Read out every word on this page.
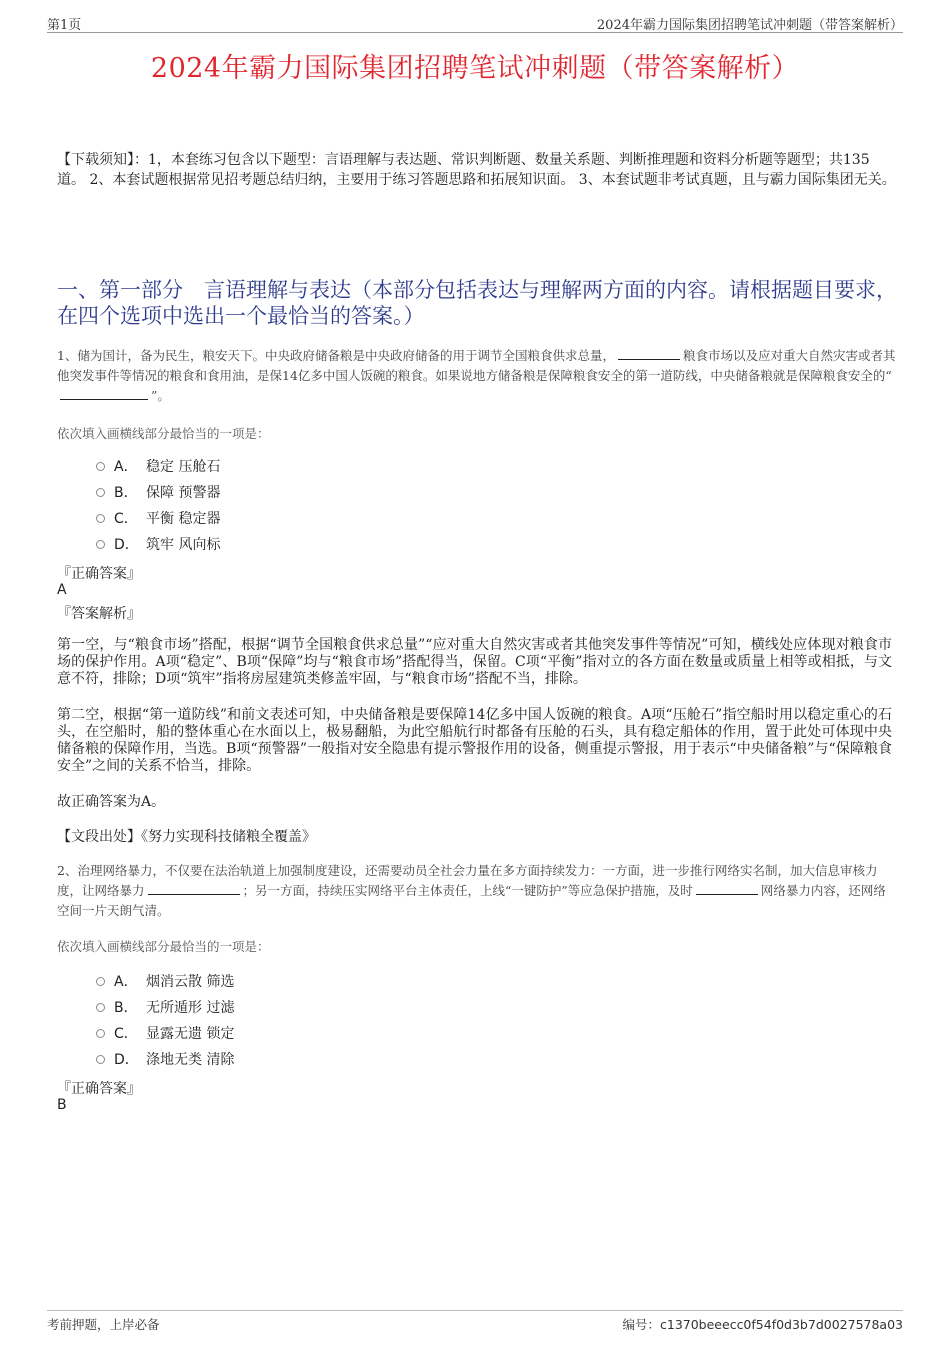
第1页	2024年霸力国际集团招聘笔试冲刺题（带答案解析）
2024年霸力国际集团招聘笔试冲刺题（带答案解析）
【下载须知】：1，本套练习包含以下题型：言语理解与表达题、常识判断题、数量关系题、判断推理题和资料分析题等题型；共135道。 2、本套试题根据常见招考题总结归纳，主要用于练习答题思路和拓展知识面。 3、本套试题非考试真题，且与霸力国际集团无关。
一、第一部分　言语理解与表达（本部分包括表达与理解两方面的内容。请根据题目要求，在四个选项中选出一个最恰当的答案。）
1、储为国计，备为民生，粮安天下。中央政府储备粮是中央政府储备的用于调节全国粮食供求总量，	粮食市场以及应对重大自然灾害或者其他突发事件等情况的粮食和食用油，是保14亿多中国人饭碗的粮食。如果说地方储备粮是保障粮食安全的第一道防线，中央储备粮就是保障粮食安全的“”。
依次填入画横线部分最恰当的一项是：
A． 稳定 压舱石
B． 保障 预警器
C． 平衡 稳定器
D． 筑牢 风向标
『正确答案』
A
『答案解析』
第一空，与“粮食市场”搭配，根据“调节全国粮食供求总量”“应对重大自然灾害或者其他突发事件等情况”可知，横线处应体现对粮食市场的保护作用。A项“稳定”、B项“保障”均与“粮食市场”搭配得当，保留。C项“平衡”指对立的各方面在数量或质量上相等或相抵，与文意不符，排除；D项“筑牢”指将房屋建筑类修盖牢固，与“粮食市场”搭配不当，排除。
第二空，根据“第一道防线”和前文表述可知，中央储备粮是要保障14亿多中国人饭碗的粮食。A项“压舱石”指空船时用以稳定重心的石头，在空船时，船的整体重心在水面以上，极易翻船，为此空船航行时都备有压舱的石头，具有稳定船体的作用，置于此处可体现中央储备粮的保障作用，当选。B项“预警器”一般指对安全隐患有提示警报作用的设备，侧重提示警报，用于表示“中央储备粮”与“保障粮食安全”之间的关系不恰当，排除。
故正确答案为A。
【文段出处】《努力实现科技储粮全覆盖》
2、治理网络暴力，不仅要在法治轨道上加强制度建设，还需要动员全社会力量在多方面持续发力：一方面，进一步推行网络实名制，加大信息审核力度，让网络暴力	；另一方面，持续压实网络平台主体责任，上线“一键防护”等应急保护措施，及时	网络暴力内容，还网络空间一片天朗气清。
依次填入画横线部分最恰当的一项是：
A． 烟消云散 筛选
B． 无所遁形 过滤
C． 显露无遗 锁定
D． 涤地无类 清除
『正确答案』
B
考前押题，上岸必备	编号：c1370beeecc0f54f0d3b7d0027578a03
